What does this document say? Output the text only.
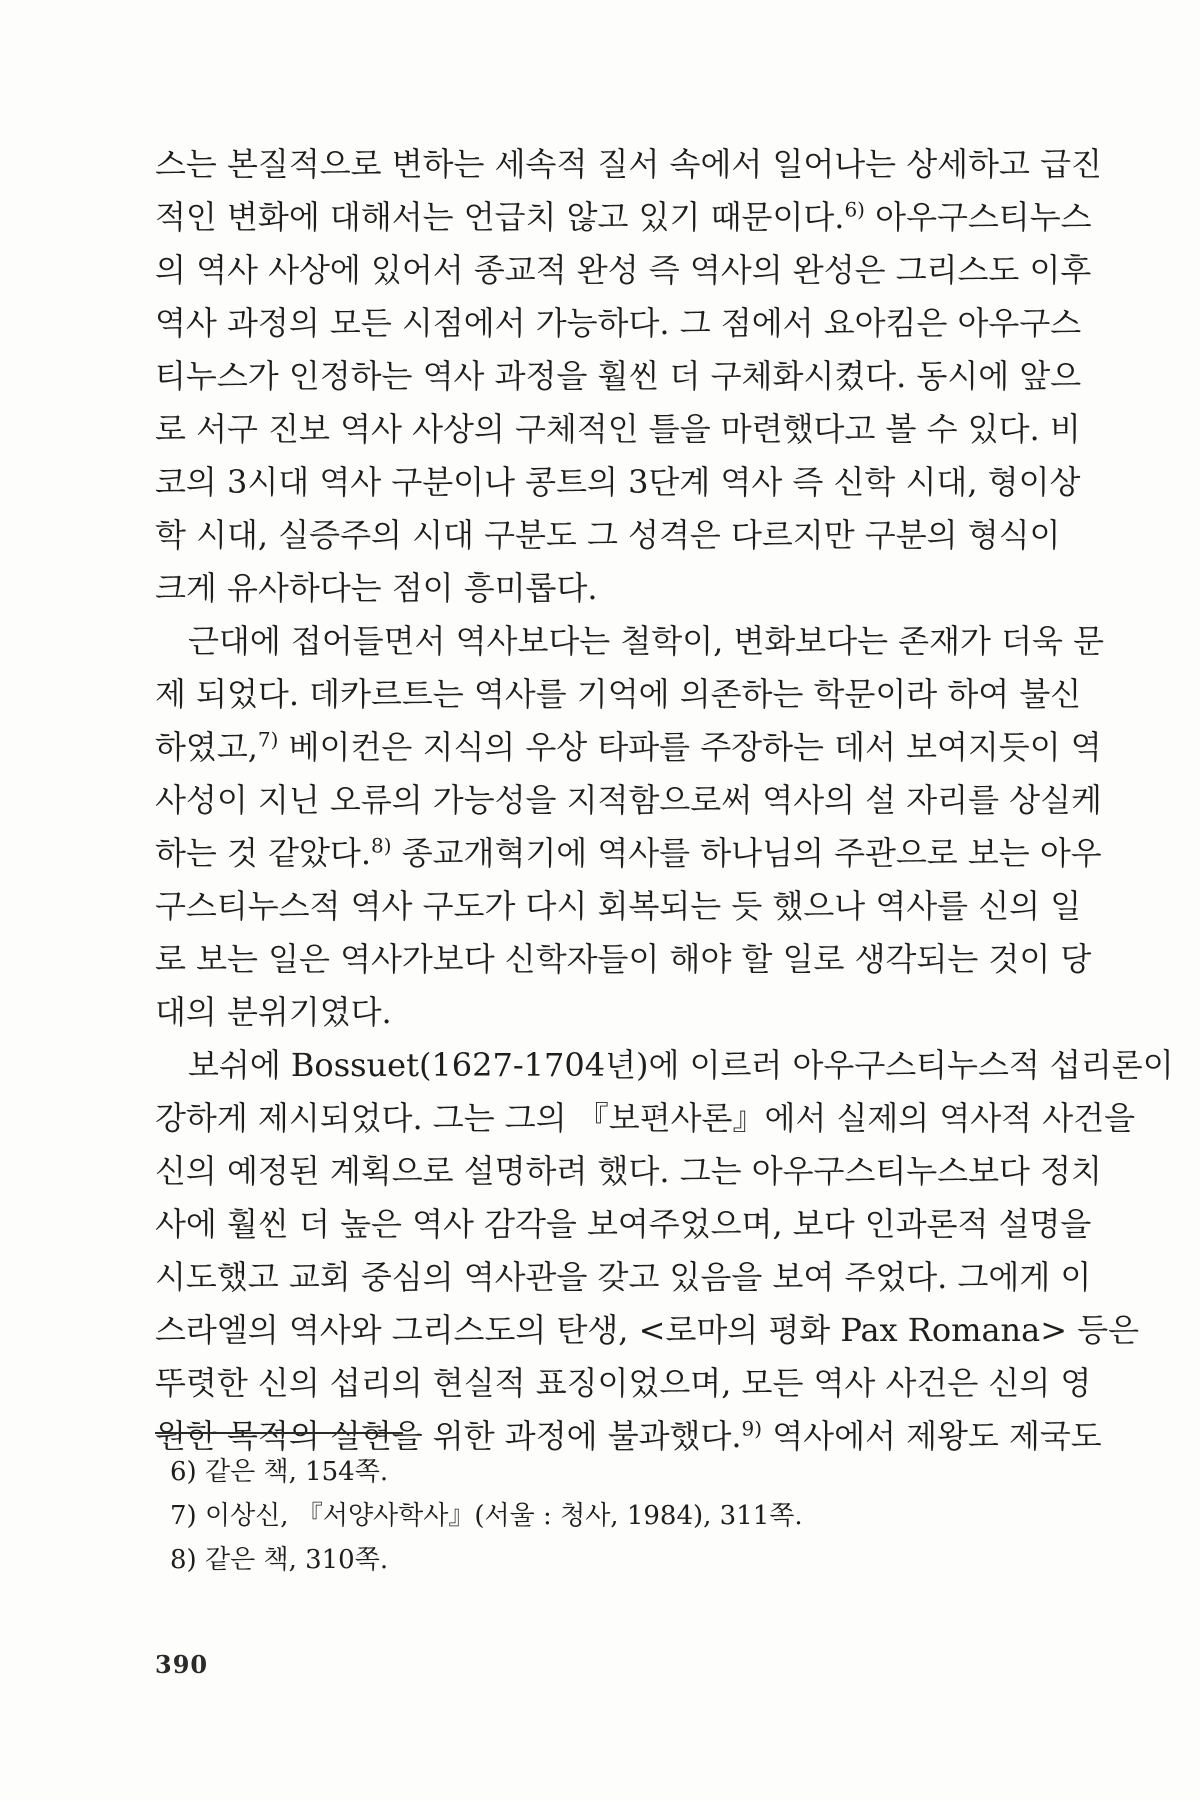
스는 본질적으로 변하는 세속적 질서 속에서 일어나는 상세하고 급진
적인 변화에 대해서는 언급치 않고 있기 때문이다.$^{6)}$ 아우구스티누스
의 역사 사상에 있어서 종교적 완성 즉 역사의 완성은 그리스도 이후
역사 과정의 모든 시점에서 가능하다. 그 점에서 요아킴은 아우구스
티누스가 인정하는 역사 과정을 훨씬 더 구체화시켰다. 동시에 앞으
로 서구 진보 역사 사상의 구체적인 틀을 마련했다고 볼 수 있다. 비
코의 3시대 역사 구분이나 콩트의 3단계 역사 즉 신학 시대, 형이상
학 시대, 실증주의 시대 구분도 그 성격은 다르지만 구분의 형식이
크게 유사하다는 점이 흥미롭다.
근대에 접어들면서 역사보다는 철학이, 변화보다는 존재가 더욱 문
제 되었다. 데카르트는 역사를 기억에 의존하는 학문이라 하여 불신
하였고,$^{7)}$ 베이컨은 지식의 우상 타파를 주장하는 데서 보여지듯이 역
사성이 지닌 오류의 가능성을 지적함으로써 역사의 설 자리를 상실케
하는 것 같았다.$^{8)}$ 종교개혁기에 역사를 하나님의 주관으로 보는 아우
구스티누스적 역사 구도가 다시 회복되는 듯 했으나 역사를 신의 일
로 보는 일은 역사가보다 신학자들이 해야 할 일로 생각되는 것이 당
대의 분위기였다.
보쉬에 Bossuet(1627-1704년)에 이르러 아우구스티누스적 섭리론이
강하게 제시되었다. 그는 그의 『보편사론』에서 실제의 역사적 사건을
신의 예정된 계획으로 설명하려 했다. 그는 아우구스티누스보다 정치
사에 훨씬 더 높은 역사 감각을 보여주었으며, 보다 인과론적 설명을
시도했고 교회 중심의 역사관을 갖고 있음을 보여 주었다. 그에게 이
스라엘의 역사와 그리스도의 탄생, <로마의 평화 Pax Romana> 등은
뚜렷한 신의 섭리의 현실적 표징이었으며, 모든 역사 사건은 신의 영
원한 목적의 실현을 위한 과정에 불과했다.$^{9)}$ 역사에서 제왕도 제국도
6) 같은 책, 154쪽.
7) 이상신, 『서양사학사』(서울 : 청사, 1984), 311쪽.
8) 같은 책, 310쪽.
390
